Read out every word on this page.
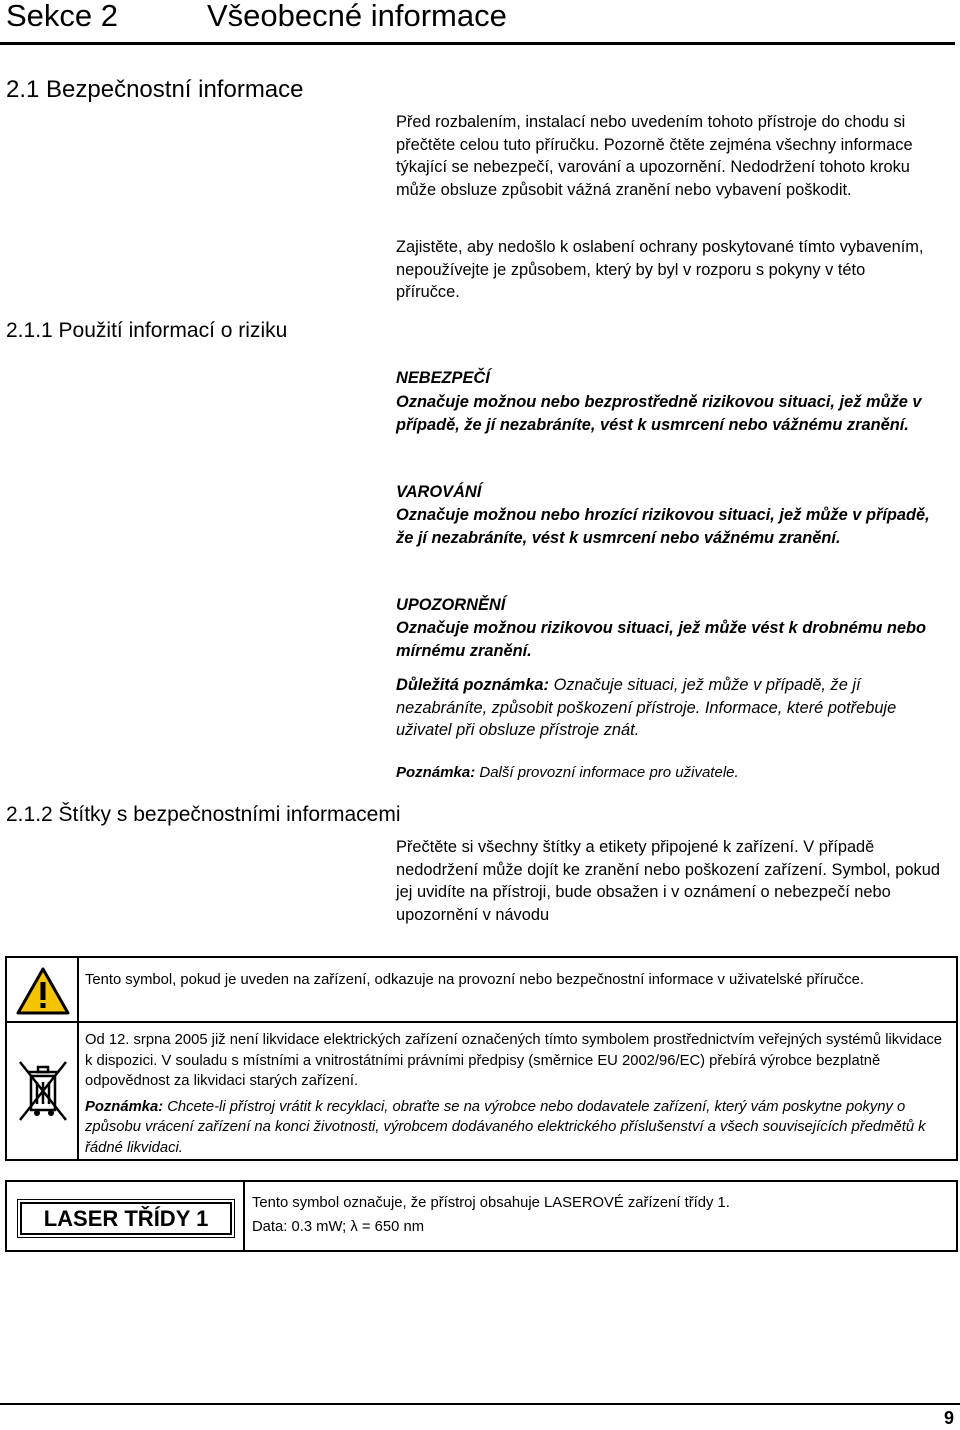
Sekce 2	Všeobecné informace
2.1 Bezpečnostní informace
Před rozbalením, instalací nebo uvedením tohoto přístroje do chodu si přečtěte celou tuto příručku. Pozorně čtěte zejména všechny informace týkající se nebezpečí, varování a upozornění. Nedodržení tohoto kroku může obsluze způsobit vážná zranění nebo vybavení poškodit.
Zajistěte, aby nedošlo k oslabení ochrany poskytované tímto vybavením, nepoužívejte je způsobem, který by byl v rozporu s pokyny v této příručce.
2.1.1 Použití informací o riziku
NEBEZPEČÍ
Označuje možnou nebo bezprostředně rizikovou situaci, jež může v případě, že jí nezabráníte, vést k usmrcení nebo vážnému zranění.
VAROVÁNÍ
Označuje možnou nebo hrozící rizikovou situaci, jež může v případě, že jí nezabráníte, vést k usmrcení nebo vážnému zranění.
UPOZORNĚNÍ
Označuje možnou rizikovou situaci, jež může vést k drobnému nebo mírnému zranění.
Důležitá poznámka: Označuje situaci, jež může v případě, že jí nezabráníte, způsobit poškození přístroje. Informace, které potřebuje uživatel při obsluze přístroje znát.
Poznámka: Další provozní informace pro uživatele.
2.1.2 Štítky s bezpečnostními informacemi
Přečtěte si všechny štítky a etikety připojené k zařízení. V případě nedodržení může dojít ke zranění nebo poškození zařízení. Symbol, pokud jej uvidíte na přístroji, bude obsažen i v oznámení o nebezpečí nebo upozornění v návodu
Tento symbol, pokud je uveden na zařízení, odkazuje na provozní nebo bezpečnostní informace v uživatelské příručce.
Od 12. srpna 2005 již není likvidace elektrických zařízení označených tímto symbolem prostřednictvím veřejných systémů likvidace k dispozici. V souladu s místními a vnitrostátními právními předpisy (směrnice EU 2002/96/EC) přebírá výrobce bezplatně odpovědnost za likvidaci starých zařízení.
Poznámka: Chcete-li přístroj vrátit k recyklaci, obraťte se na výrobce nebo dodavatele zařízení, který vám poskytne pokyny o způsobu vrácení zařízení na konci životnosti, výrobcem dodávaného elektrického příslušenství a všech souvisejících předmětů k řádné likvidaci.
LASER TŘÍDY 1
Tento symbol označuje, že přístroj obsahuje LASEROVÉ zařízení třídy 1.
Data: 0.3 mW; λ = 650 nm
9
